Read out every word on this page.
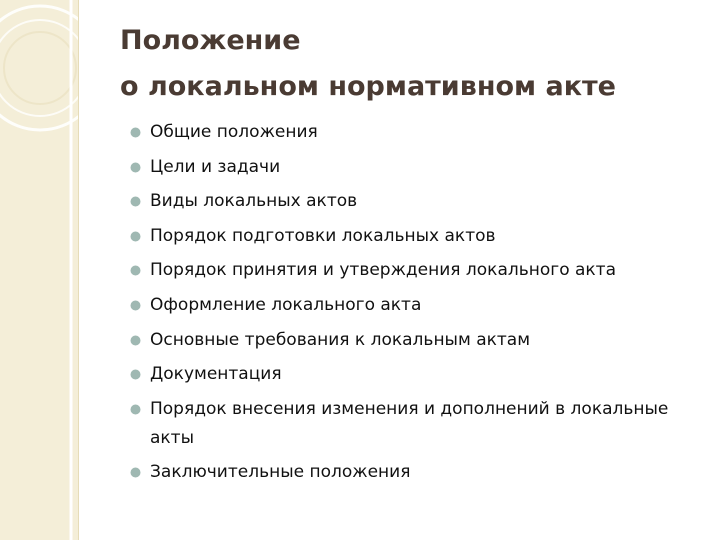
Положение
о локальном нормативном акте
Общие положения
Цели и задачи
Виды локальных актов
Порядок подготовки локальных актов
Порядок принятия и утверждения локального акта
Оформление локального акта
Основные требования к локальным актам
Документация
Порядок внесения изменения и дополнений в локальные акты
Заключительные положения
